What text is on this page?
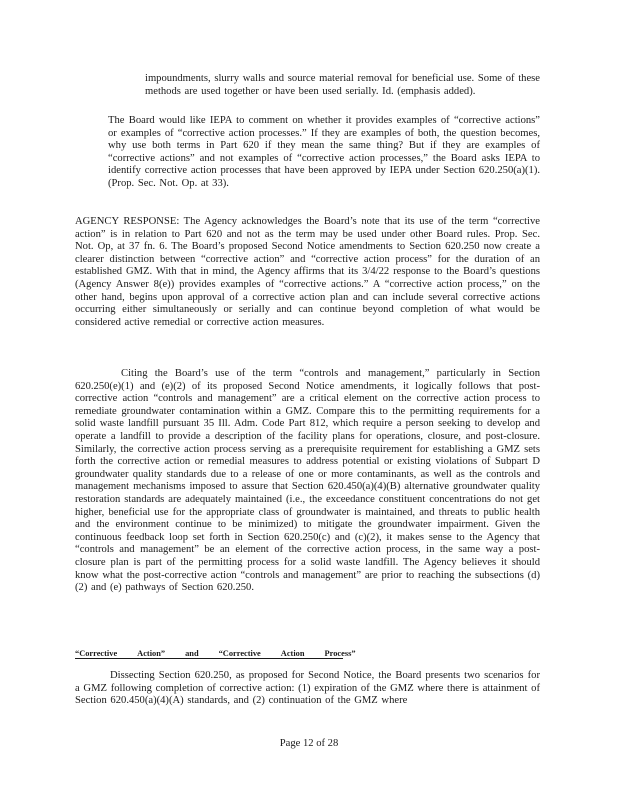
impoundments, slurry walls and source material removal for beneficial use. Some of these methods are used together or have been used serially. Id. (emphasis added).
The Board would like IEPA to comment on whether it provides examples of “corrective actions” or examples of “corrective action processes.” If they are examples of both, the question becomes, why use both terms in Part 620 if they mean the same thing? But if they are examples of “corrective actions” and not examples of “corrective action processes,” the Board asks IEPA to identify corrective action processes that have been approved by IEPA under Section 620.250(a)(1). (Prop. Sec. Not. Op. at 33).
AGENCY RESPONSE: The Agency acknowledges the Board’s note that its use of the term “corrective action” is in relation to Part 620 and not as the term may be used under other Board rules. Prop. Sec. Not. Op, at 37 fn. 6. The Board’s proposed Second Notice amendments to Section 620.250 now create a clearer distinction between “corrective action” and “corrective action process” for the duration of an established GMZ. With that in mind, the Agency affirms that its 3/4/22 response to the Board’s questions (Agency Answer 8(e)) provides examples of “corrective actions.” A “corrective action process,” on the other hand, begins upon approval of a corrective action plan and can include several corrective actions occurring either simultaneously or serially and can continue beyond completion of what would be considered active remedial or corrective action measures.
Citing the Board’s use of the term “controls and management,” particularly in Section 620.250(e)(1) and (e)(2) of its proposed Second Notice amendments, it logically follows that post-corrective action “controls and management” are a critical element on the corrective action process to remediate groundwater contamination within a GMZ. Compare this to the permitting requirements for a solid waste landfill pursuant 35 Ill. Adm. Code Part 812, which require a person seeking to develop and operate a landfill to provide a description of the facility plans for operations, closure, and post-closure. Similarly, the corrective action process serving as a prerequisite requirement for establishing a GMZ sets forth the corrective action or remedial measures to address potential or existing violations of Subpart D groundwater quality standards due to a release of one or more contaminants, as well as the controls and management mechanisms imposed to assure that Section 620.450(a)(4)(B) alternative groundwater quality restoration standards are adequately maintained (i.e., the exceedance constituent concentrations do not get higher, beneficial use for the appropriate class of groundwater is maintained, and threats to public health and the environment continue to be minimized) to mitigate the groundwater impairment. Given the continuous feedback loop set forth in Section 620.250(c) and (c)(2), it makes sense to the Agency that “controls and management” be an element of the corrective action process, in the same way a post-closure plan is part of the permitting process for a solid waste landfill. The Agency believes it should know what the post-corrective action “controls and management” are prior to reaching the subsections (d)(2) and (e) pathways of Section 620.250.
“Corrective Action” and “Corrective Action Process”
Dissecting Section 620.250, as proposed for Second Notice, the Board presents two scenarios for a GMZ following completion of corrective action: (1) expiration of the GMZ where there is attainment of Section 620.450(a)(4)(A) standards, and (2) continuation of the GMZ where
Page 12 of 28
